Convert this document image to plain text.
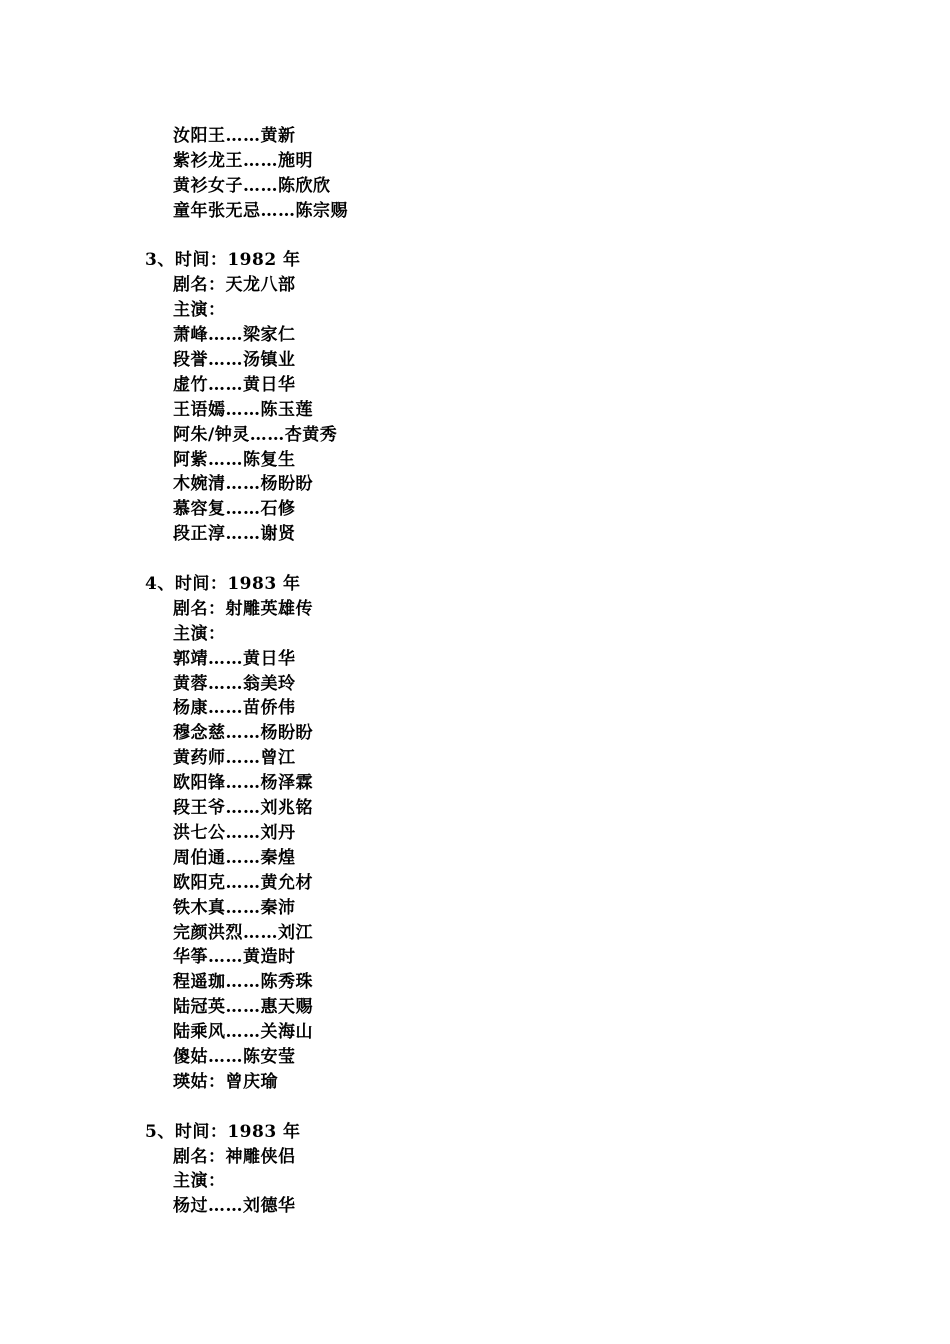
汝阳王……黄新
紫衫龙王……施明
黄衫女子……陈欣欣
童年张无忌……陈宗赐
3、时间：1982 年
剧名：天龙八部
主演：
萧峰……梁家仁
段誉……汤镇业
虚竹……黄日华
王语嫣……陈玉莲
阿朱/钟灵……杏黄秀
阿紫……陈复生
木婉清……杨盼盼
慕容复……石修
段正淳……谢贤
4、时间：1983 年
剧名：射雕英雄传
主演：
郭靖……黄日华
黄蓉……翁美玲
杨康……苗侨伟
穆念慈……杨盼盼
黄药师……曾江
欧阳锋……杨泽霖
段王爷……刘兆铭
洪七公……刘丹
周伯通……秦煌
欧阳克……黄允材
铁木真……秦沛
完颜洪烈……刘江
华筝……黄造时
程遥珈……陈秀珠
陆冠英……惠天赐
陆乘风……关海山
傻姑……陈安莹
瑛姑：曾庆瑜
5、时间：1983 年
剧名：神雕侠侣
主演：
杨过……刘德华
